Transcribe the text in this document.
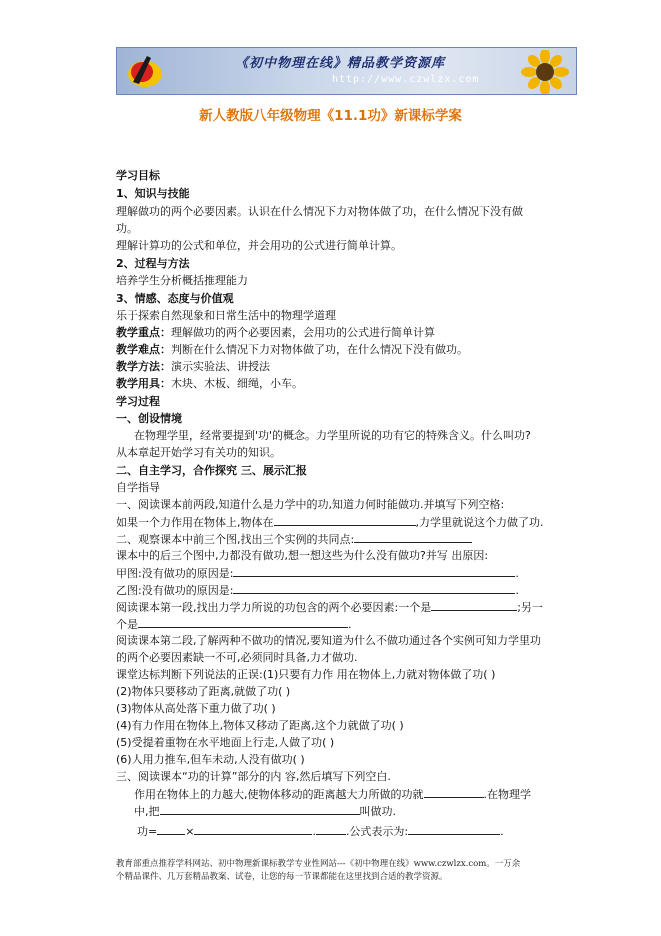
《初中物理在线》精品教学资源库
http://www.czwlzx.com
新人教版八年级物理《11.1功》新课标学案
学习目标
1、知识与技能
理解做功的两个必要因素。认识在什么情况下力对物体做了功，在什么情况下没有做
功。
理解计算功的公式和单位，并会用功的公式进行简单计算。
2、过程与方法
培养学生分析概括推理能力
3、情感、态度与价值观
乐于探索自然现象和日常生活中的物理学道理
教学重点：理解做功的两个必要因素，会用功的公式进行简单计算
教学难点：判断在什么情况下力对物体做了功，在什么情况下没有做功。
教学方法：演示实验法、讲授法
教学用具：木块、木板、细绳，小车。
学习过程
一、创设情境
在物理学里，经常要提到'功'的概念。力学里所说的功有它的特殊含义。什么叫功?
从本章起开始学习有关功的知识。
二、自主学习，合作探究 三、展示汇报
自学指导
一、阅读课本前两段,知道什么是力学中的功,知道力何时能做功.并填写下列空格:
如果一个力作用在物体上,物体在	,力学里就说这个力做了功.
二、观察课本中前三个图,找出三个实例的共同点:
课本中的后三个图中,力都没有做功,想一想这些为什么没有做功?并写 出原因:
甲图:没有做功的原因是:	.
乙图:没有做功的原因是:	.
阅读课本第一段,找出力学力所说的功包含的两个必要因素:一个是	;另一
个是	.
阅读课本第二段,了解两种不做功的情况,要知道为什么不做功通过各个实例可知力学里功
的两个必要因素缺一不可,必须同时具备,力才做功.
课堂达标判断下列说法的正误:(1)只要有力作 用在物体上,力就对物体做了功( )
(2)物体只要移动了距离,就做了功( )
(3)物体从高处落下重力做了功( )
(4)有力作用在物体上,物体又移动了距离,这个力就做了功( )
(5)受提着重物在水平地面上行走,人做了功( )
(6)人用力推车,但车未动,人没有做功( )
三、阅读课本“功的计算”部分的内 容,然后填写下列空白.
作用在物体上的力越大,使物体移动的距离越大力所做的功就	.在物理学
中,把	叫做功.
功=	×	.	.公式表示为:	.
教育部重点推荐学科网站、初中物理新课标教学专业性网站---《初中物理在线》www.czwlzx.com。一万余
个精品课件、几万套精品教案、试卷，让您的每一节课都能在这里找到合适的教学资源。
